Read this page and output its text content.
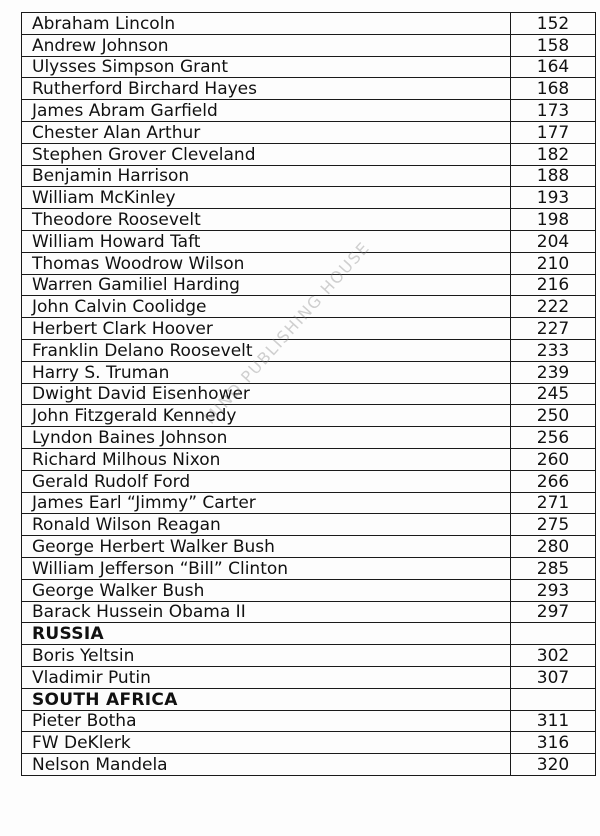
Abraham Lincoln	152
Andrew Johnson	158
Ulysses Simpson Grant	164
Rutherford Birchard Hayes	168
James Abram Garfield	173
Chester Alan Arthur	177
Stephen Grover Cleveland	182
Benjamin Harrison	188
William McKinley	193
Theodore Roosevelt	198
William Howard Taft	204
Thomas Woodrow Wilson	210
Warren Gamiliel Harding	216
John Calvin Coolidge	222
Herbert Clark Hoover	227
Franklin Delano Roosevelt	233
Harry S. Truman	239
Dwight David Eisenhower	245
John Fitzgerald Kennedy	250
Lyndon Baines Johnson	256
Richard Milhous Nixon	260
Gerald Rudolf Ford	266
James Earl “Jimmy” Carter	271
Ronald Wilson Reagan	275
George Herbert Walker Bush	280
William Jefferson “Bill” Clinton	285
George Walker Bush	293
Barack Hussein Obama II	297
RUSSIA	
Boris Yeltsin	302
Vladimir Putin	307
SOUTH AFRICA	
Pieter Botha	311
FW DeKlerk	316
Nelson Mandela	320
MIND PUBLISHING HOUSE
